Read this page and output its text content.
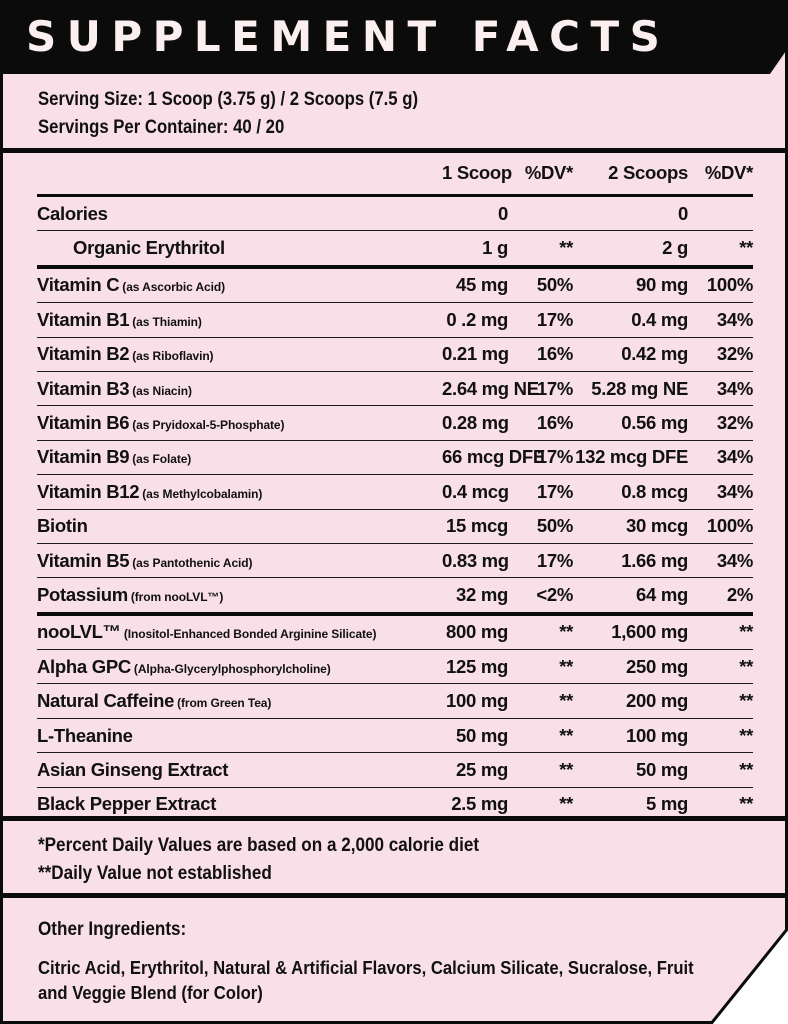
SUPPLEMENT FACTS
Serving Size: 1 Scoop (3.75 g) / 2 Scoops (7.5 g)
Servings Per Container: 40 / 20
	1 Scoop	%DV*	2 Scoops	%DV*
Calories	0		0	
Organic Erythritol	1 g	**	2 g	**
Vitamin C (as Ascorbic Acid)	45 mg	50%	90 mg	100%
Vitamin B1 (as Thiamin)	0 .2 mg	17%	0.4 mg	34%
Vitamin B2 (as Riboflavin)	0.21 mg	16%	0.42 mg	32%
Vitamin B3 (as Niacin)	2.64 mg NE	17%	5.28 mg NE	34%
Vitamin B6 (as Pryidoxal-5-Phosphate)	0.28 mg	16%	0.56 mg	32%
Vitamin B9 (as Folate)	66 mcg DFE	17%	132 mcg DFE	34%
Vitamin B12 (as Methylcobalamin)	0.4 mcg	17%	0.8 mcg	34%
Biotin	15 mcg	50%	30 mcg	100%
Vitamin B5 (as Pantothenic Acid)	0.83 mg	17%	1.66 mg	34%
Potassium (from nooLVL™)	32 mg	<2%	64 mg	2%
nooLVL™ (Inositol-Enhanced Bonded Arginine Silicate)	800 mg	**	1,600 mg	**
Alpha GPC (Alpha-Glycerylphosphorylcholine)	125 mg	**	250 mg	**
Natural Caffeine (from Green Tea)	100 mg	**	200 mg	**
L-Theanine	50 mg	**	100 mg	**
Asian Ginseng Extract	25 mg	**	50 mg	**
Black Pepper Extract	2.5 mg	**	5 mg	**
*Percent Daily Values are based on a 2,000 calorie diet
**Daily Value not established
Other Ingredients:
Citric Acid, Erythritol, Natural & Artificial Flavors, Calcium Silicate, Sucralose, Fruit and Veggie Blend (for Color)
